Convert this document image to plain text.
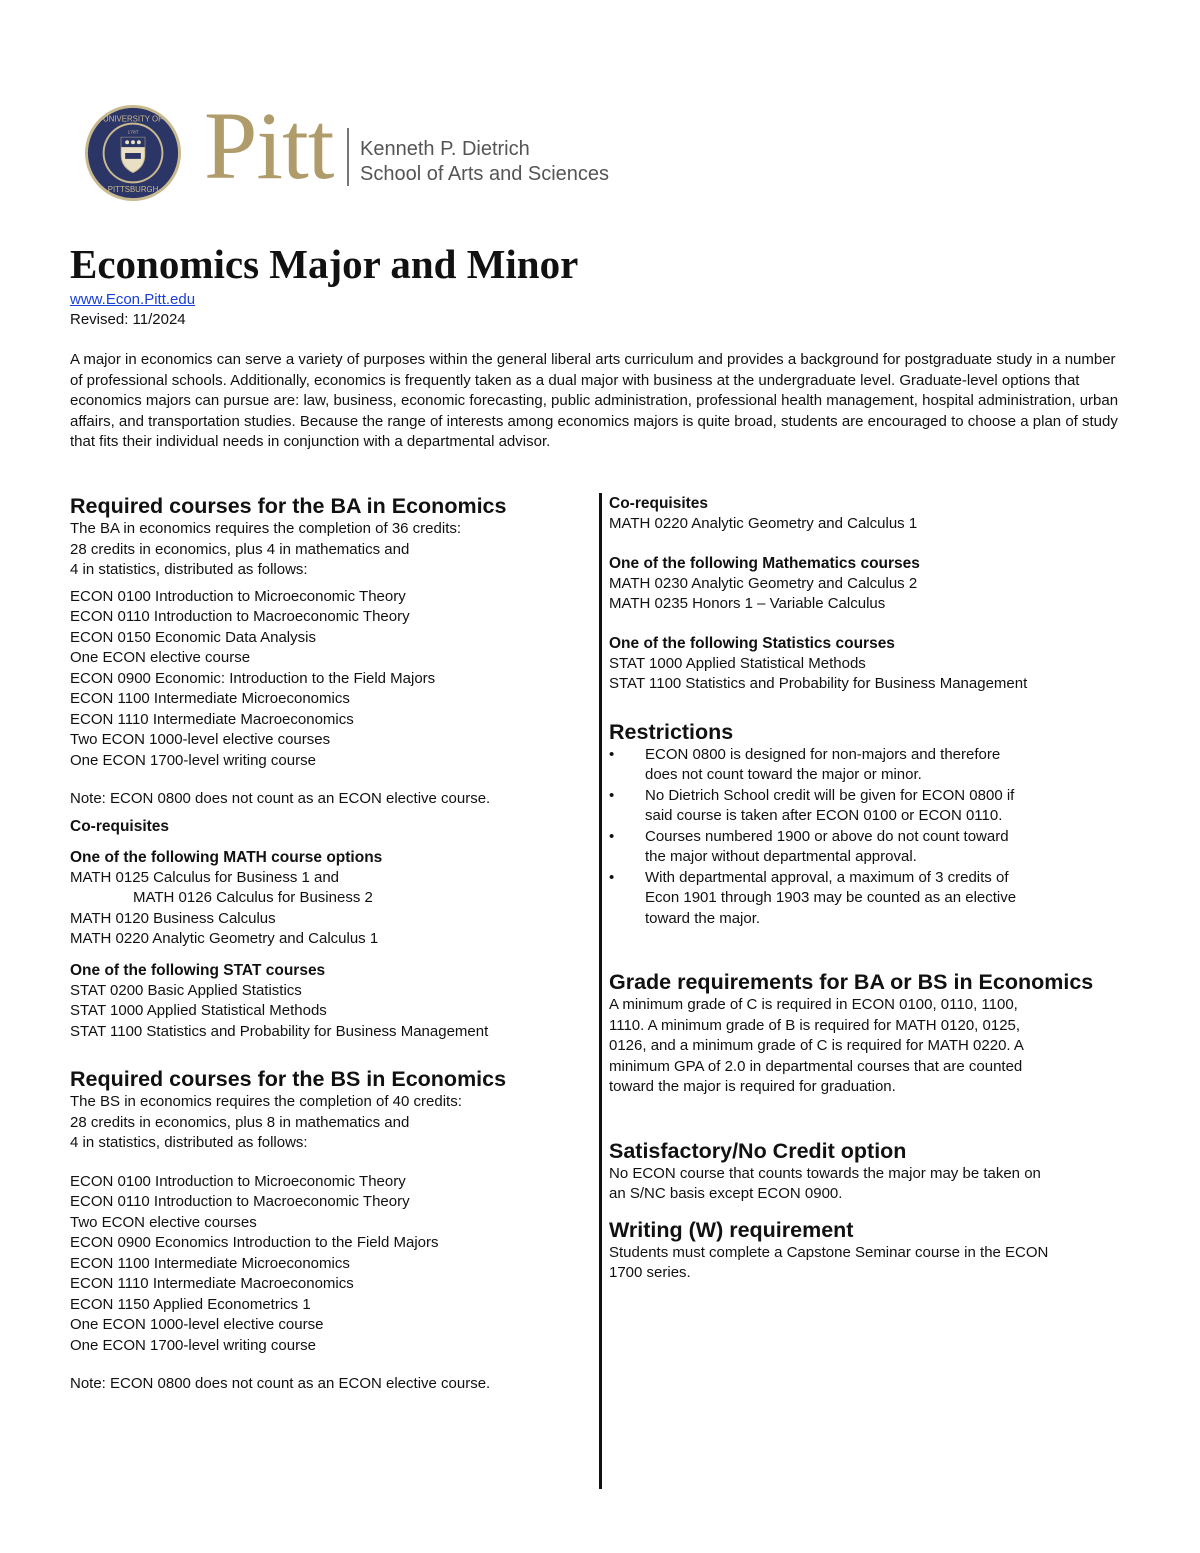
UNIVERSITY OF
PITTSBURGH
1787 Pitt Kenneth P. Dietrich
School of Arts and Sciences
Economics Major and Minor
www.Econ.Pitt.edu
Revised: 11/2024

A major in economics can serve a variety of purposes within the general liberal arts curriculum and provides a background for postgraduate study in a number of professional schools. Additionally, economics is frequently taken as a dual major with business at the undergraduate level. Graduate-level options that economics majors can pursue are: law, business, economic forecasting, public administration, professional health management, hospital administration, urban affairs, and transportation studies. Because the range of interests among economics majors is quite broad, students are encouraged to choose a plan of study that fits their individual needs in conjunction with a departmental advisor.

Required courses for the BA in Economics
The BA in economics requires the completion of 36 credits:
28 credits in economics, plus 4 in mathematics and
4 in statistics, distributed as follows:
ECON 0100 Introduction to Microeconomic Theory
ECON 0110 Introduction to Macroeconomic Theory
ECON 0150 Economic Data Analysis
One ECON elective course
ECON 0900 Economic: Introduction to the Field Majors
ECON 1100 Intermediate Microeconomics
ECON 1110 Intermediate Macroeconomics
Two ECON 1000-level elective courses
One ECON 1700-level writing course
Note: ECON 0800 does not count as an ECON elective course.
Co-requisites
One of the following MATH course options
MATH 0125 Calculus for Business 1 and
MATH 0126 Calculus for Business 2
MATH 0120 Business Calculus
MATH 0220 Analytic Geometry and Calculus 1
One of the following STAT courses
STAT 0200 Basic Applied Statistics
STAT 1000 Applied Statistical Methods
STAT 1100 Statistics and Probability for Business Management
Required courses for the BS in Economics
The BS in economics requires the completion of 40 credits:
28 credits in economics, plus 8 in mathematics and
4 in statistics, distributed as follows:
ECON 0100 Introduction to Microeconomic Theory
ECON 0110 Introduction to Macroeconomic Theory
Two ECON elective courses
ECON 0900 Economics Introduction to the Field Majors
ECON 1100 Intermediate Microeconomics
ECON 1110 Intermediate Macroeconomics
ECON 1150 Applied Econometrics 1
One ECON 1000-level elective course
One ECON 1700-level writing course
Note: ECON 0800 does not count as an ECON elective course.
Co-requisites
MATH 0220 Analytic Geometry and Calculus 1
One of the following Mathematics courses
MATH 0230 Analytic Geometry and Calculus 2
MATH 0235 Honors 1 – Variable Calculus
One of the following Statistics courses
STAT 1000 Applied Statistical Methods
STAT 1100 Statistics and Probability for Business Management
Restrictions
• ECON 0800 is designed for non-majors and therefore
does not count toward the major or minor.
• No Dietrich School credit will be given for ECON 0800 if
said course is taken after ECON 0100 or ECON 0110.
• Courses numbered 1900 or above do not count toward
the major without departmental approval.
• With departmental approval, a maximum of 3 credits of
Econ 1901 through 1903 may be counted as an elective
toward the major.
Grade requirements for BA or BS in Economics
A minimum grade of C is required in ECON 0100, 0110, 1100,
1110. A minimum grade of B is required for MATH 0120, 0125,
0126, and a minimum grade of C is required for MATH 0220. A
minimum GPA of 2.0 in departmental courses that are counted
toward the major is required for graduation.
Satisfactory/No Credit option
No ECON course that counts towards the major may be taken on
an S/NC basis except ECON 0900.
Writing (W) requirement
Students must complete a Capstone Seminar course in the ECON
1700 series.
